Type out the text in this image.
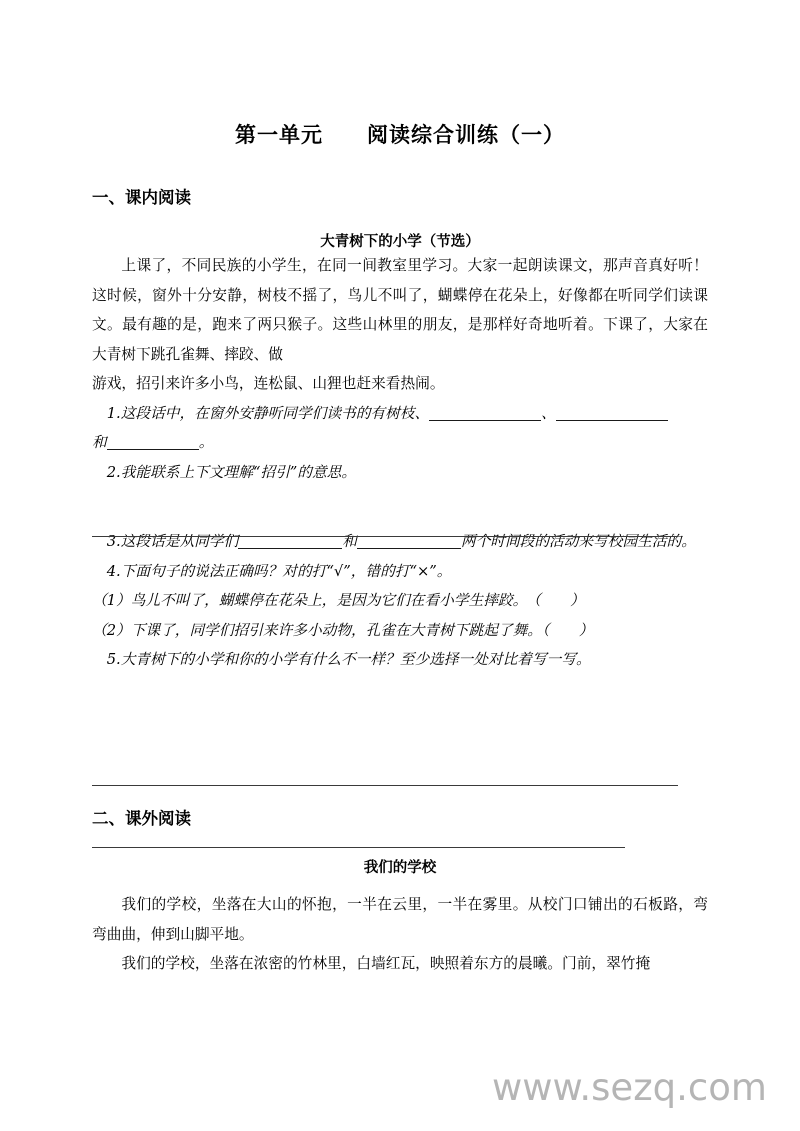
第一单元　　阅读综合训练（一）
一、课内阅读
大青树下的小学（节选）

上课了，不同民族的小学生，在同一间教室里学习。大家一起朗读课文，那声音真好听！这时候，窗外十分安静，树枝不摇了，鸟儿不叫了，蝴蝶停在花朵上，好像都在听同学们读课文。最有趣的是，跑来了两只猴子。这些山林里的朋友，是那样好奇地听着。下课了，大家在大青树下跳孔雀舞、摔跤、做

游戏，招引来许多小鸟，连松鼠、山狸也赶来看热闹。

1.这段话中，在窗外安静听同学们读书的有树枝、	、
和	。

2.我能联系上下文理解“招引”的意思。

3.这段话是从同学们	和	两个时间段的活动来写校园生活的。

4.下面句子的说法正确吗？对的打“√”，错的打“×”。

（1）鸟儿不叫了，蝴蝶停在花朵上，是因为它们在看小学生摔跤。 （　　）

（2）下课了，同学们招引来许多小动物，孔雀在大青树下跳起了舞。（　　）

5.大青树下的小学和你的小学有什么不一样？至少选择一处对比着写一写。

二、课外阅读
我们的学校

我们的学校，坐落在大山的怀抱，一半在云里，一半在雾里。从校门口铺出的石板路，弯弯曲曲，伸到山脚平地。

我们的学校，坐落在浓密的竹林里，白墙红瓦，映照着东方的晨曦。门前，翠竹掩

www.sezq.com
